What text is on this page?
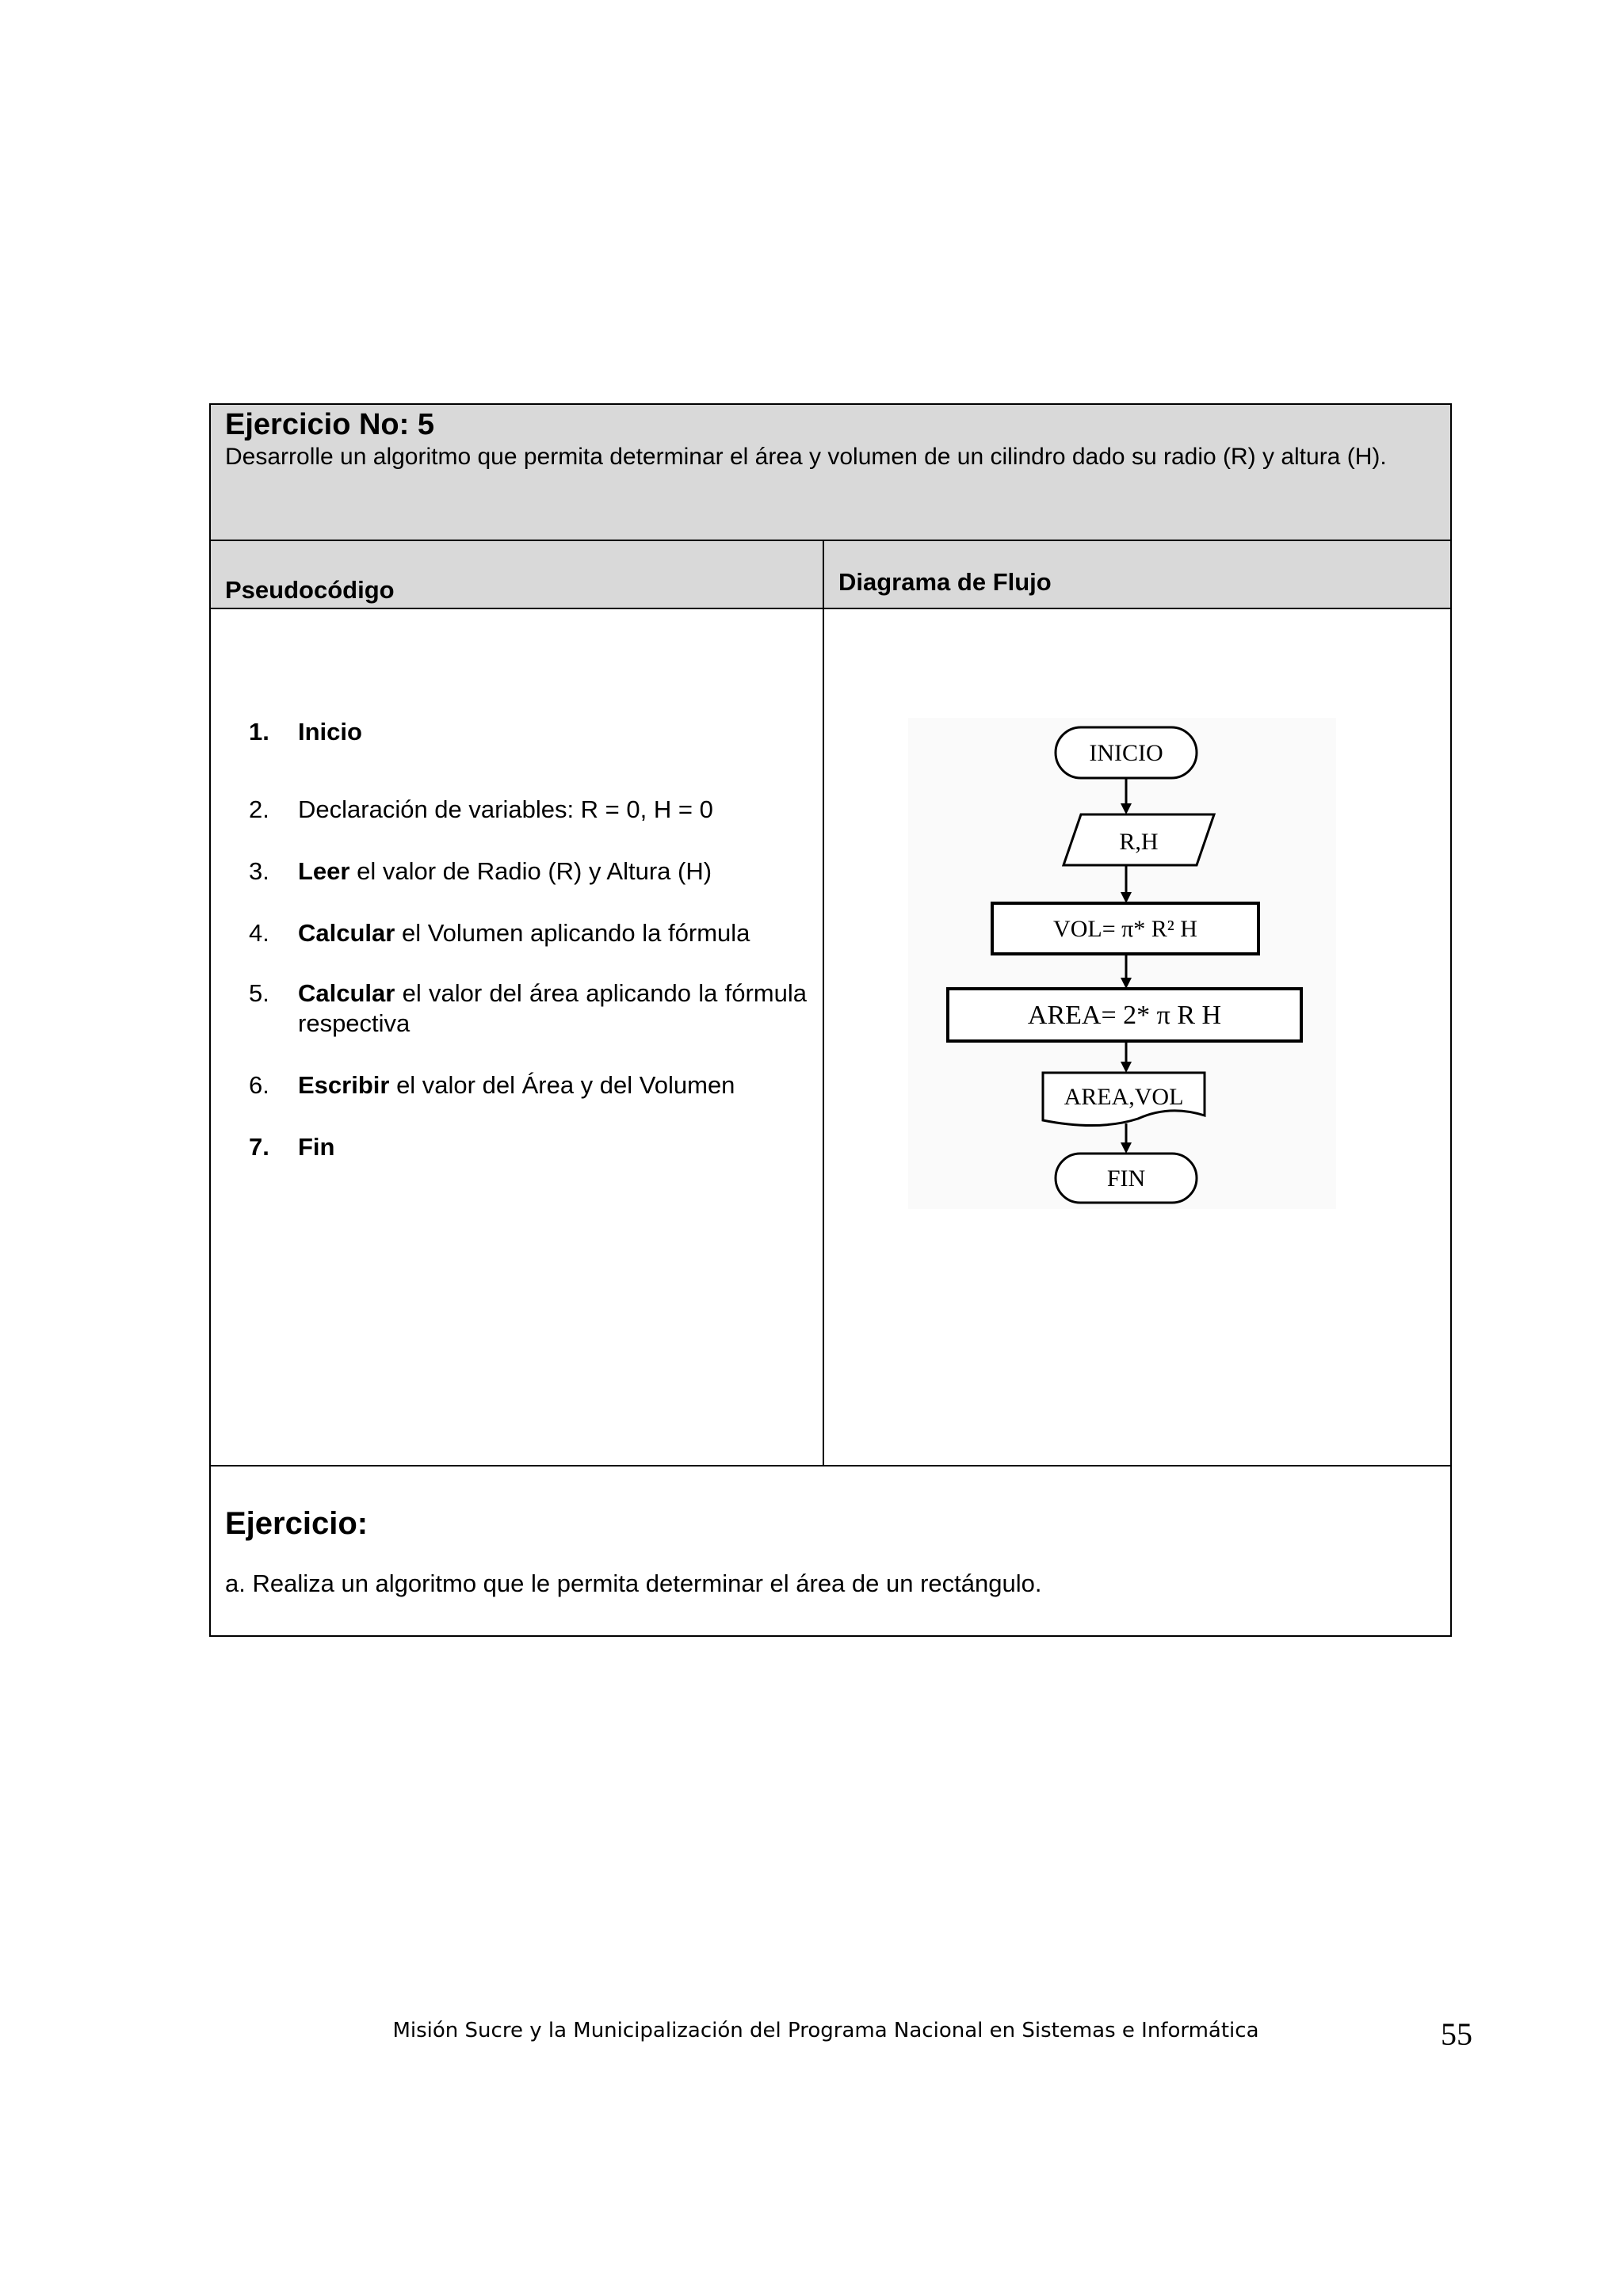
Ejercicio No: 5
Desarrolle un algoritmo que permita determinar el área y volumen de un cilindro dado su radio (R) y altura (H).
Pseudocódigo	Diagrama de Flujo
1. Inicio
2. Declaración de variables: R = 0, H = 0
3. Leer el valor de Radio (R) y Altura (H)
4. Calcular el Volumen aplicando la fórmula
5. Calcular el valor del área aplicando la fórmula respectiva
6. Escribir el valor del Área y del Volumen
7. Fin
Ejercicio:
a. Realiza un algoritmo que le permita determinar el área de un rectángulo.
INICIO
R,H
VOL= π* R² H
AREA= 2* π R H
AREA,VOL
FIN
Misión Sucre y la Municipalización del Programa Nacional en Sistemas e Informática	55
